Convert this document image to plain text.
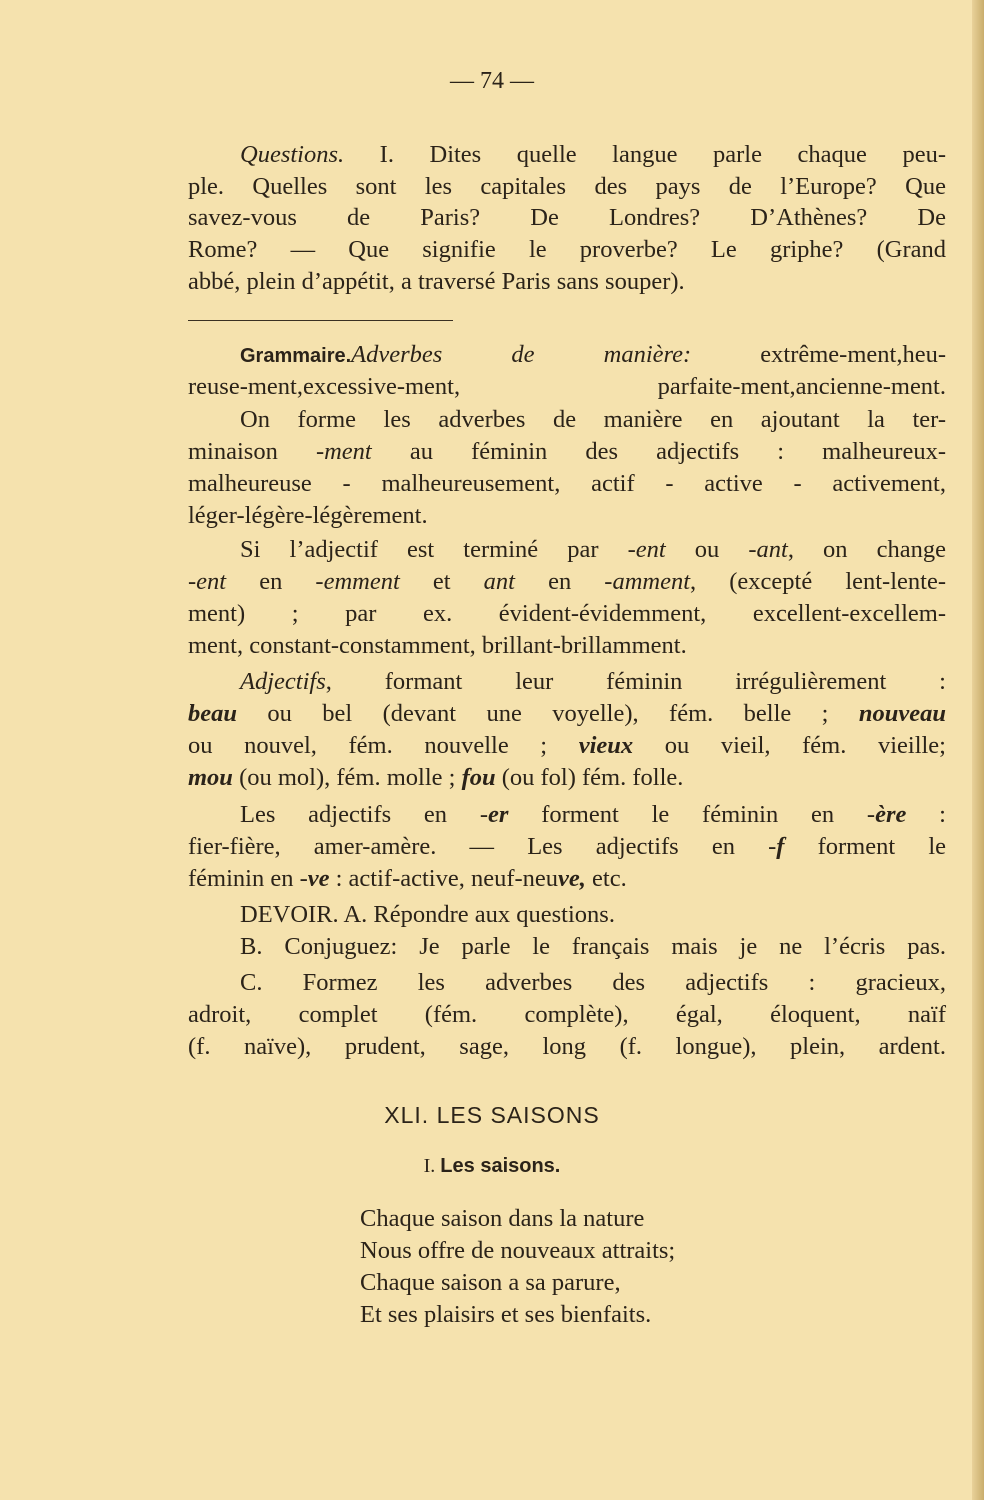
— 74 —
Questions. I. Dites quelle langue parle chaque peu-
ple. Quelles sont les capitales des pays de l’Europe? Que
savez-vous de Paris? De Londres? D’Athènes? De
Rome? — Que signifie le proverbe? Le griphe? (Grand
abbé, plein d’appétit, a traversé Paris sans souper).
Grammaire.Adverbes de manière: extrême-ment,heu-
reuse-ment,excessive-ment, parfaite-ment,ancienne-ment.
On forme les adverbes de manière en ajoutant la ter-
minaison -ment au féminin des adjectifs : malheureux-
malheureuse - malheureusement, actif - active - activement,
léger-légère-légèrement.
Si l’adjectif est terminé par -ent ou -ant, on change
-ent en -emment et ant en -amment, (excepté lent-lente-
ment) ; par ex. évident-évidemment, excellent-excellem-
ment, constant-constamment, brillant-brillamment.
Adjectifs, formant leur féminin irrégulièrement :
beau ou bel (devant une voyelle), fém. belle ; nouveau
ou nouvel, fém. nouvelle ; vieux ou vieil, fém. vieille;
mou (ou mol), fém. molle ; fou (ou fol) fém. folle.
Les adjectifs en -er forment le féminin en -ère :
fier-fière, amer-amère. — Les adjectifs en -f forment le
féminin en -ve : actif-active, neuf-neuve, etc.
DEVOIR. A. Répondre aux questions.
B. Conjuguez: Je parle le français mais je ne l’écris pas.
C. Formez les adverbes des adjectifs : gracieux,
adroit, complet (fém. complète), égal, éloquent, naïf
(f. naïve), prudent, sage, long (f. longue), plein, ardent.
XLI. LES SAISONS
I. Les saisons.
Chaque saison dans la nature
Nous offre de nouveaux attraits;
Chaque saison a sa parure,
Et ses plaisirs et ses bienfaits.
